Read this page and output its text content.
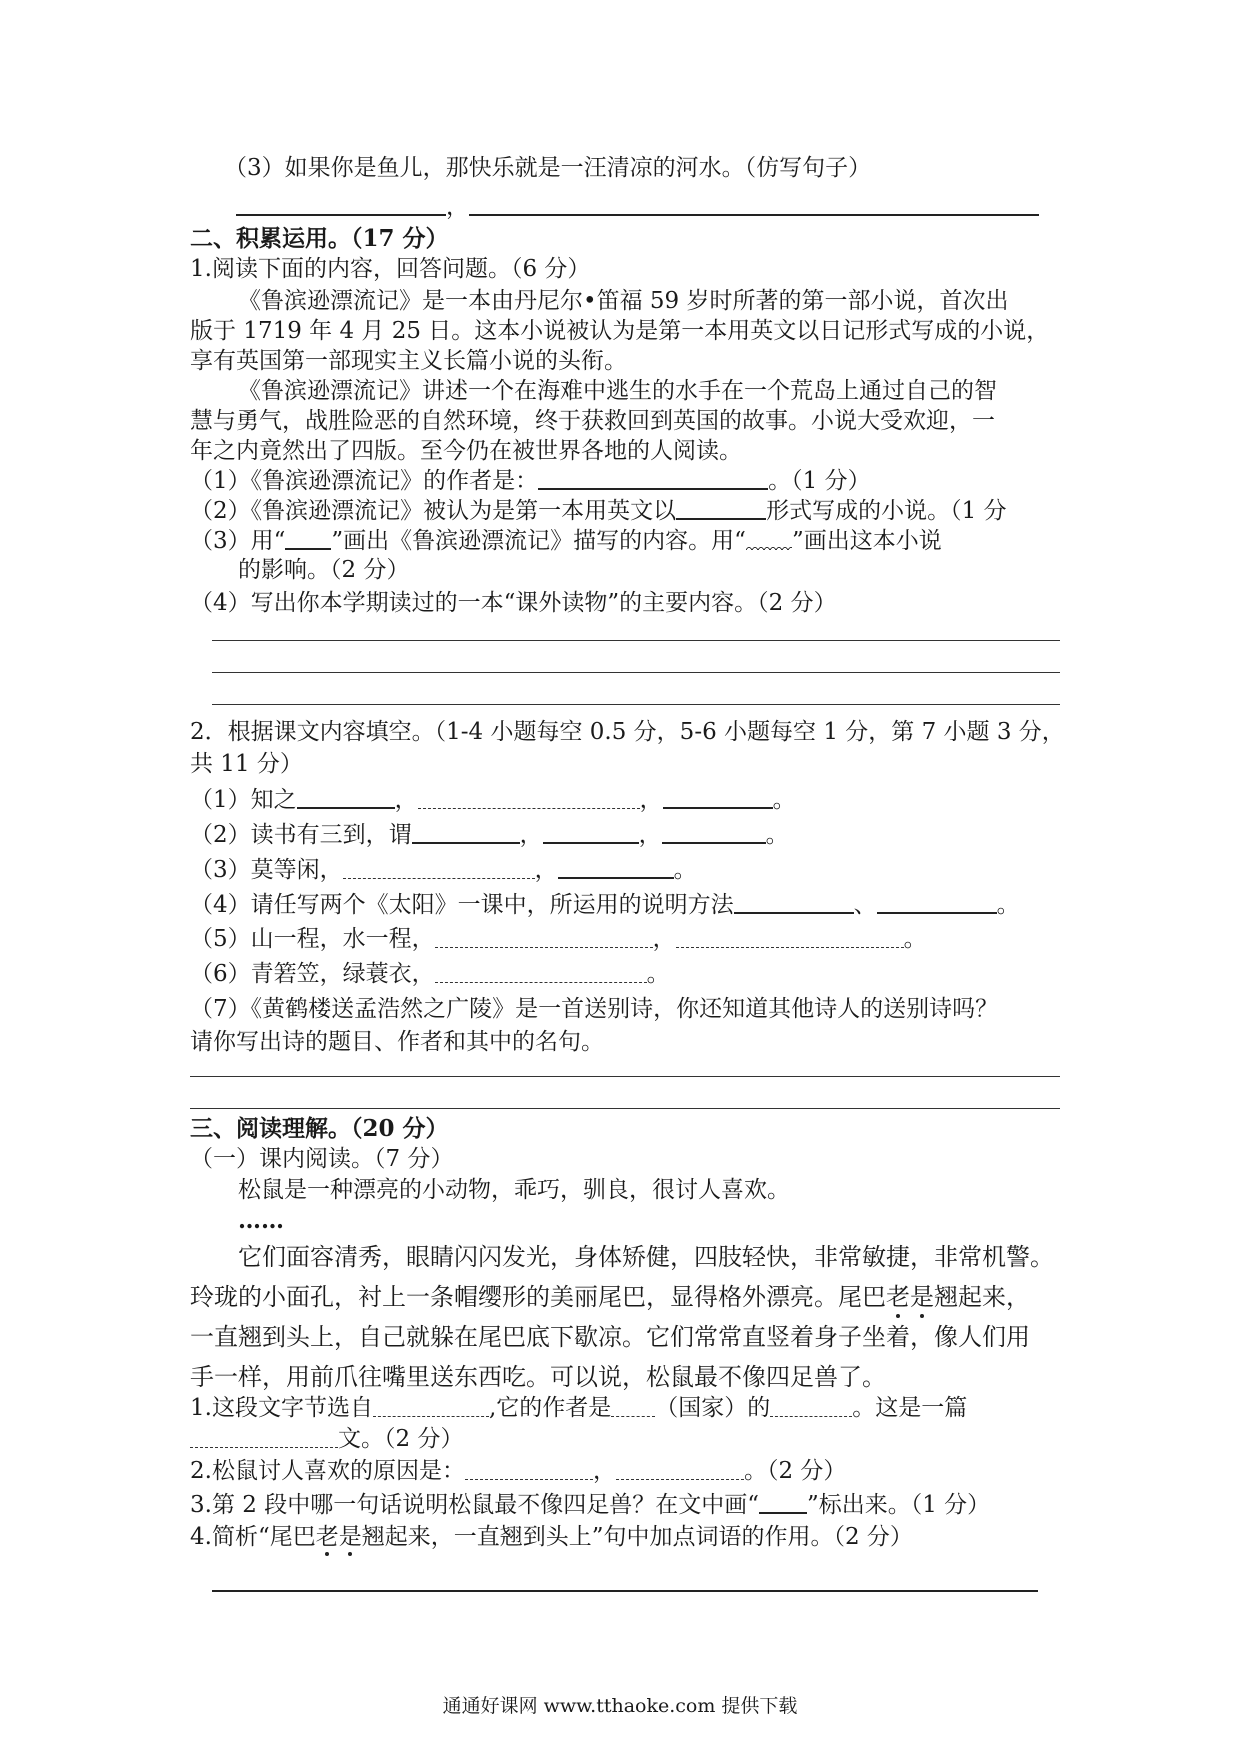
（3）如果你是鱼儿，那快乐就是一汪清凉的河水。（仿写句子）
，
二、积累运用。（17 分）
1.阅读下面的内容，回答问题。（6 分）
《鲁滨逊漂流记》是一本由丹尼尔•笛福 59 岁时所著的第一部小说，首次出
版于 1719 年 4 月 25 日。这本小说被认为是第一本用英文以日记形式写成的小说，
享有英国第一部现实主义长篇小说的头衔。
《鲁滨逊漂流记》讲述一个在海难中逃生的水手在一个荒岛上通过自己的智
慧与勇气，战胜险恶的自然环境，终于获救回到英国的故事。小说大受欢迎，一
年之内竟然出了四版。至今仍在被世界各地的人阅读。
（1）《鲁滨逊漂流记》的作者是：	。（1 分）
（2）《鲁滨逊漂流记》被认为是第一本用英文以	形式写成的小说。（1 分
（3）用“ ”画出《鲁滨逊漂流记》描写的内容。用“ ”画出这本小说
的影响。（2 分）
（4）写出你本学期读过的一本“课外读物”的主要内容。（2 分）
2．根据课文内容填空。（1-4 小题每空 0.5 分，5-6 小题每空 1 分，第 7 小题 3 分，
共 11 分）
（1）知之	，	，	。
（2）读书有三到，谓	，	，	。
（3）莫等闲，	，	。
（4）请任写两个《太阳》一课中，所运用的说明方法	、	。
（5）山一程，水一程，	，	。
（6）青箬笠，绿蓑衣，	。
（7）《黄鹤楼送孟浩然之广陵》是一首送别诗，你还知道其他诗人的送别诗吗？
请你写出诗的题目、作者和其中的名句。
三、阅读理解。（20 分）
（一）课内阅读。（7 分）
松鼠是一种漂亮的小动物，乖巧，驯良，很讨人喜欢。
……
它们面容清秀，眼睛闪闪发光，身体矫健，四肢轻快，非常敏捷，非常机警。
玲珑的小面孔，衬上一条帽缨形的美丽尾巴，显得格外漂亮。尾巴老是翘起来，
一直翘到头上，自己就躲在尾巴底下歇凉。它们常常直竖着身子坐着，像人们用
手一样，用前爪往嘴里送东西吃。可以说，松鼠最不像四足兽了。
1.这段文字节选自	,它的作者是 （国家）的	。这是一篇
文。（2 分）
2.松鼠讨人喜欢的原因是：	，	。（2 分）
3.第 2 段中哪一句话说明松鼠最不像四足兽？在文中画“ ”标出来。（1 分）
4.简析“尾巴老是翘起来，一直翘到头上”句中加点词语的作用。（2 分）
通通好课网 www.tthaoke.com 提供下载
